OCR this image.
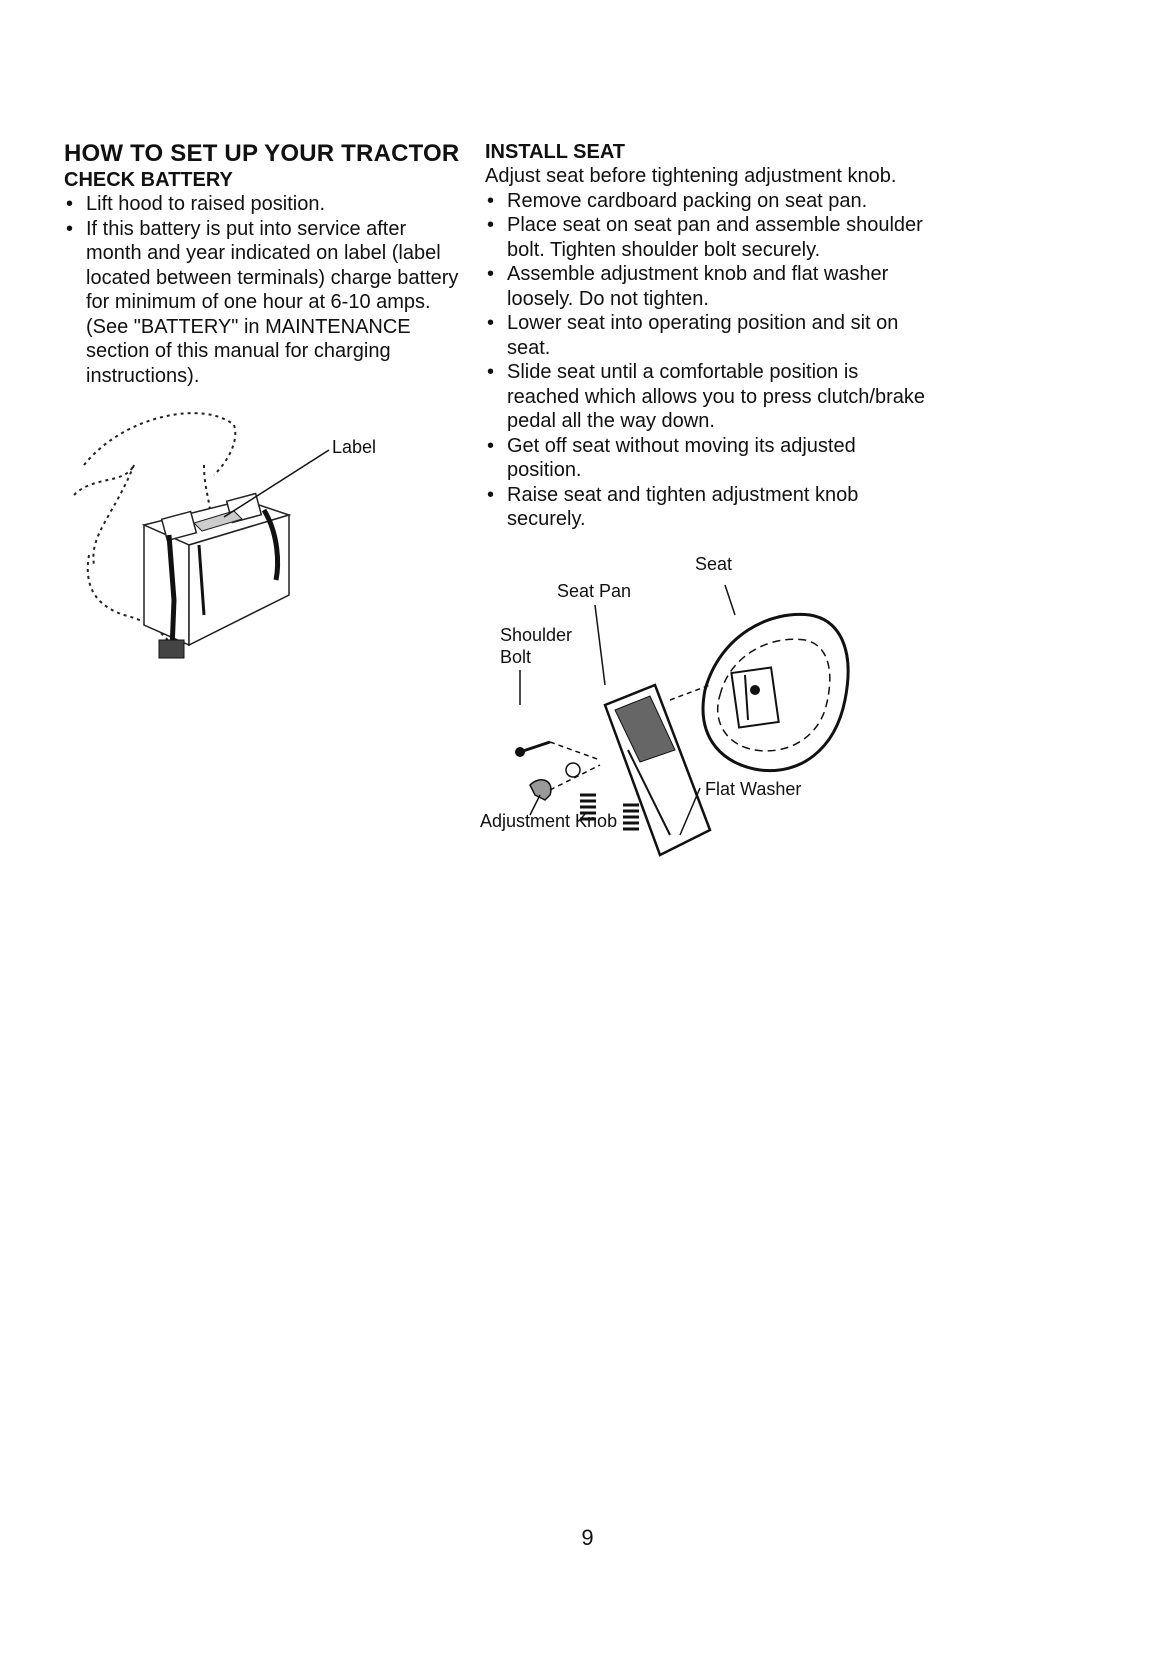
HOW TO SET UP YOUR TRACTOR
CHECK BATTERY
• Lift hood to raised position.
• If this battery is put into service after month and year indicated on label (label located between terminals) charge battery for minimum of one hour at 6-10 amps. (See "BATTERY" in MAINTENANCE section of this manual for charging instructions).
Label
INSTALL SEAT

Adjust seat before tightening adjustment knob.

• Remove cardboard packing on seat pan.
• Place seat on seat pan and assemble shoulder bolt. Tighten shoulder bolt securely.
• Assemble adjustment knob and flat washer loosely. Do not tighten.
• Lower seat into operating position and sit on seat.
• Slide seat until a comfortable position is reached which allows you to press clutch/brake pedal all the way down.
• Get off seat without moving its adjusted position.
• Raise seat and tighten adjustment knob securely.
Seat Pan
Shoulder
Bolt
Flat Washer
Adjustment Knob
Seat
9
